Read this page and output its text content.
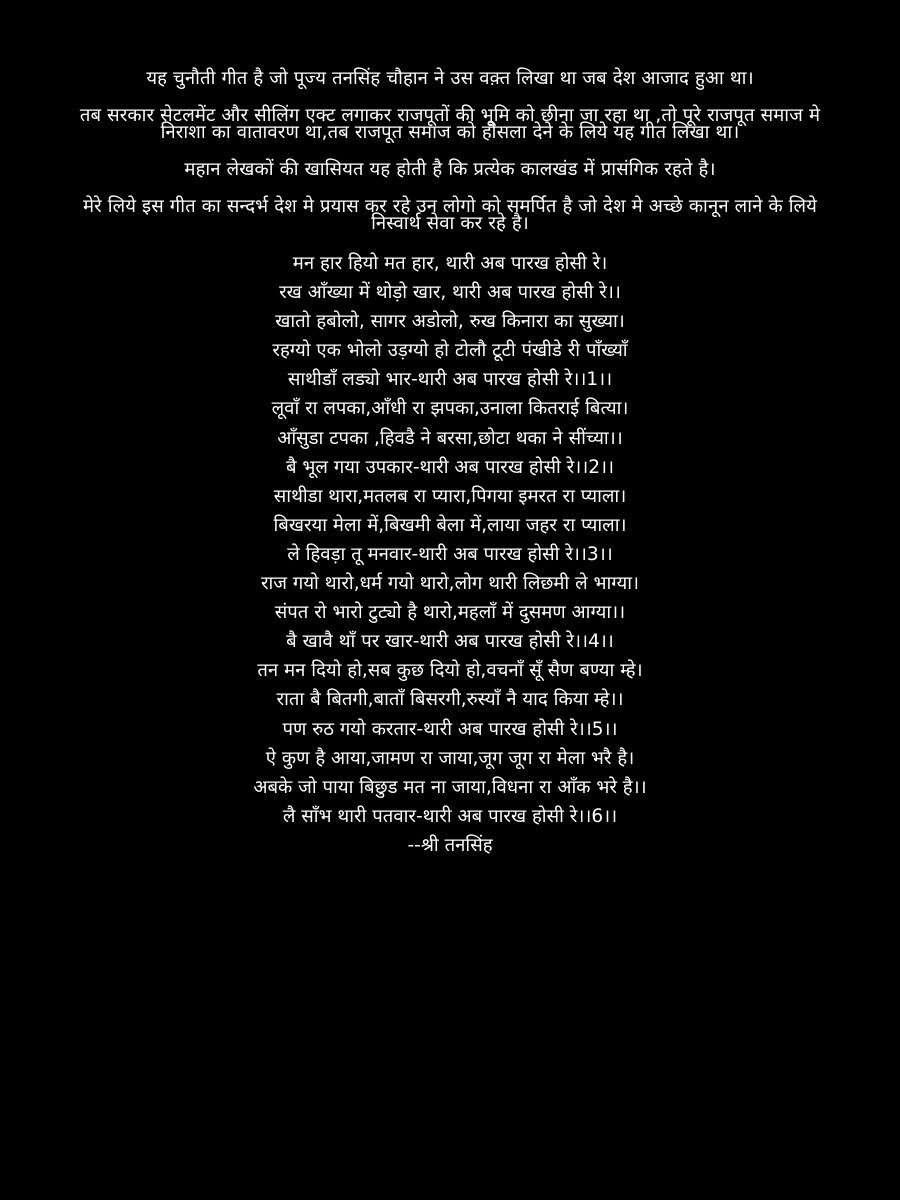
यह चुनौती गीत है जो पूज्य तनसिंह चौहान ने उस वक़्त लिखा था जब देश आजाद हुआ था।

तब सरकार सेटलमेंट और सीलिंग एक्ट लगाकर राजपूतों की भूमि को छीना जा रहा था ,तो पूरे राजपूत समाज मे निराशा का वातावरण था,तब राजपूत समाज को हौसला देने के लिये यह गीत लिखा था।

महान लेखकों की खासियत यह होती है कि प्रत्येक कालखंड में प्रासंगिक रहते है।

मेरे लिये इस गीत का सन्दर्भ देश मे प्रयास कर रहे उन लोगो को समर्पित है जो देश मे अच्छे कानून लाने के लिये निस्वार्थ सेवा कर रहे है।

मन हार हियो मत हार, थारी अब पारख होसी रे।
रख आँख्या में थोड़ो खार, थारी अब पारख होसी रे।।
खातो हबोलो, सागर अडोलो, रुख किनारा का सुख्या।
रहग्यो एक भोलो उड़ग्यो हो टोलौ टूटी पंखीडे री पाँख्याँ
साथीडाँ लड्यो भार-थारी अब पारख होसी रे।।1।।
लूवाँ रा लपका,आँधी रा झपका,उनाला कितराई बित्या।
आँसुडा टपका ,हिवडै ने बरसा,छोटा थका ने सींच्या।।
बै भूल गया उपकार-थारी अब पारख होसी रे।।2।।
साथीडा थारा,मतलब रा प्यारा,पिगया इमरत रा प्याला।
बिखरया मेला में,बिखमी बेला में,लाया जहर रा प्याला।
ले हिवड़ा तू मनवार-थारी अब पारख होसी रे।।3।।
राज गयो थारो,धर्म गयो थारो,लोग थारी लिछमी ले भाग्या।
संपत रो भारो टुट्यो है थारो,महलाँ में दुसमण आग्या।।
बै खावै थाँ पर खार-थारी अब पारख होसी रे।।4।।
तन मन दियो हो,सब कुछ दियो हो,वचनाँ सूँ सैण बण्या म्हे।
राता बै बितगी,बाताँ बिसरगी,रुस्याँ नै याद किया म्हे।।
पण रुठ गयो करतार-थारी अब पारख होसी रे।।5।।
ऐ कुण है आया,जामण रा जाया,जूग जूग रा मेला भरै है।
अबके जो पाया बिछुड मत ना जाया,विधना रा आँक भरे है।।
लै साँभ थारी पतवार-थारी अब पारख होसी रे।।6।।
--श्री तनसिंह
